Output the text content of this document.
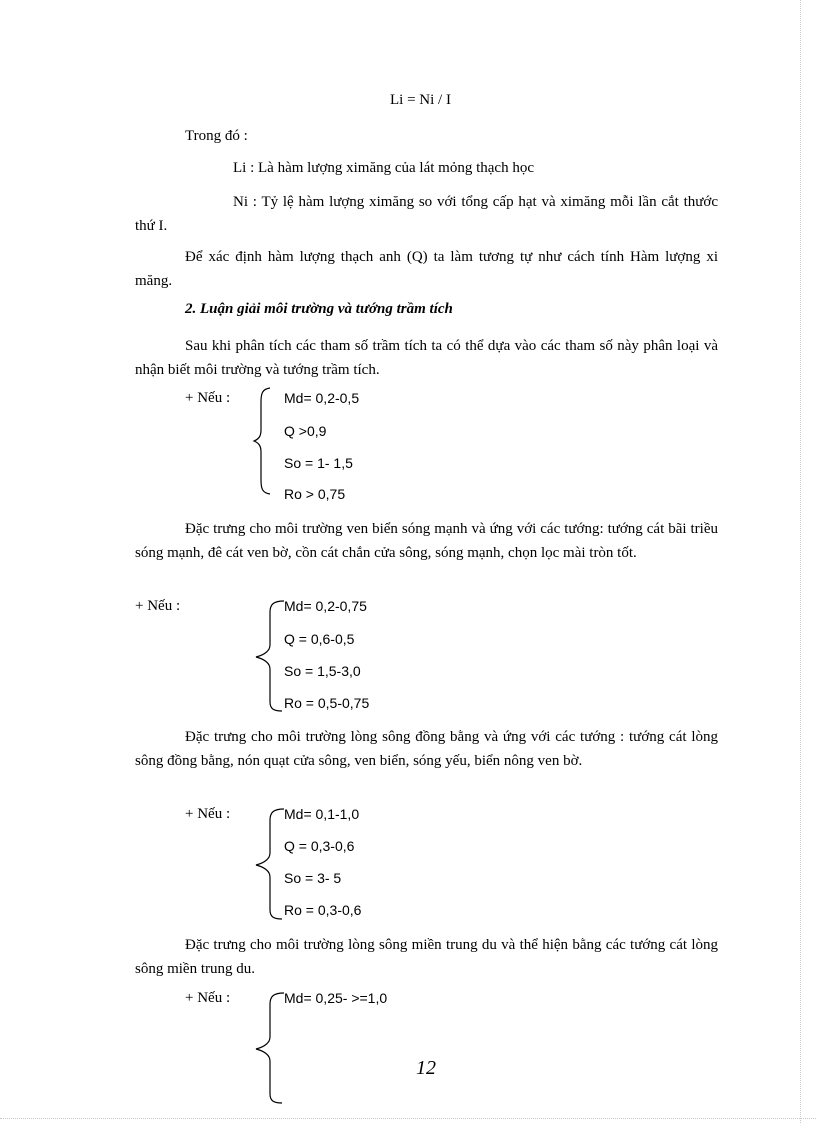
Li = Ni / I
Trong đó :
Li : Là hàm lượng ximăng của lát mỏng thạch học
Ni : Tỷ lệ hàm lượng ximăng so với tổng cấp hạt và ximăng mỗi lần cắt thước thứ I.
Để xác định hàm lượng thạch anh (Q) ta làm tương tự như cách tính Hàm lượng xi măng.
2. Luận giải môi trường và tướng trầm tích
Sau khi phân tích các tham số trầm tích ta có thể dựa vào các tham số này phân loại và nhận biết môi trường và tướng trầm tích.
+ Nếu :	Md= 0,2-0,5
Q >0,9
So = 1- 1,5
Ro > 0,75
Đặc trưng cho môi trường ven biển sóng mạnh và ứng với các tướng: tướng cát bãi triều sóng mạnh, đê cát ven bờ, cồn cát chắn cửa sông, sóng mạnh, chọn lọc mài tròn tốt.
+ Nếu :	Md= 0,2-0,75
Q = 0,6-0,5
So = 1,5-3,0
Ro = 0,5-0,75
Đặc trưng cho môi trường lòng sông đồng bằng và ứng với các tướng : tướng cát lòng sông đồng bằng, nón quạt cửa sông, ven biển, sóng yếu, biển nông ven bờ.
+ Nếu :	Md= 0,1-1,0
Q = 0,3-0,6
So = 3- 5
Ro = 0,3-0,6
Đặc trưng cho môi trường lòng sông miền trung du và thể hiện bằng các tướng cát lòng sông miền trung du.
+ Nếu :	Md= 0,25- >=1,0
12
